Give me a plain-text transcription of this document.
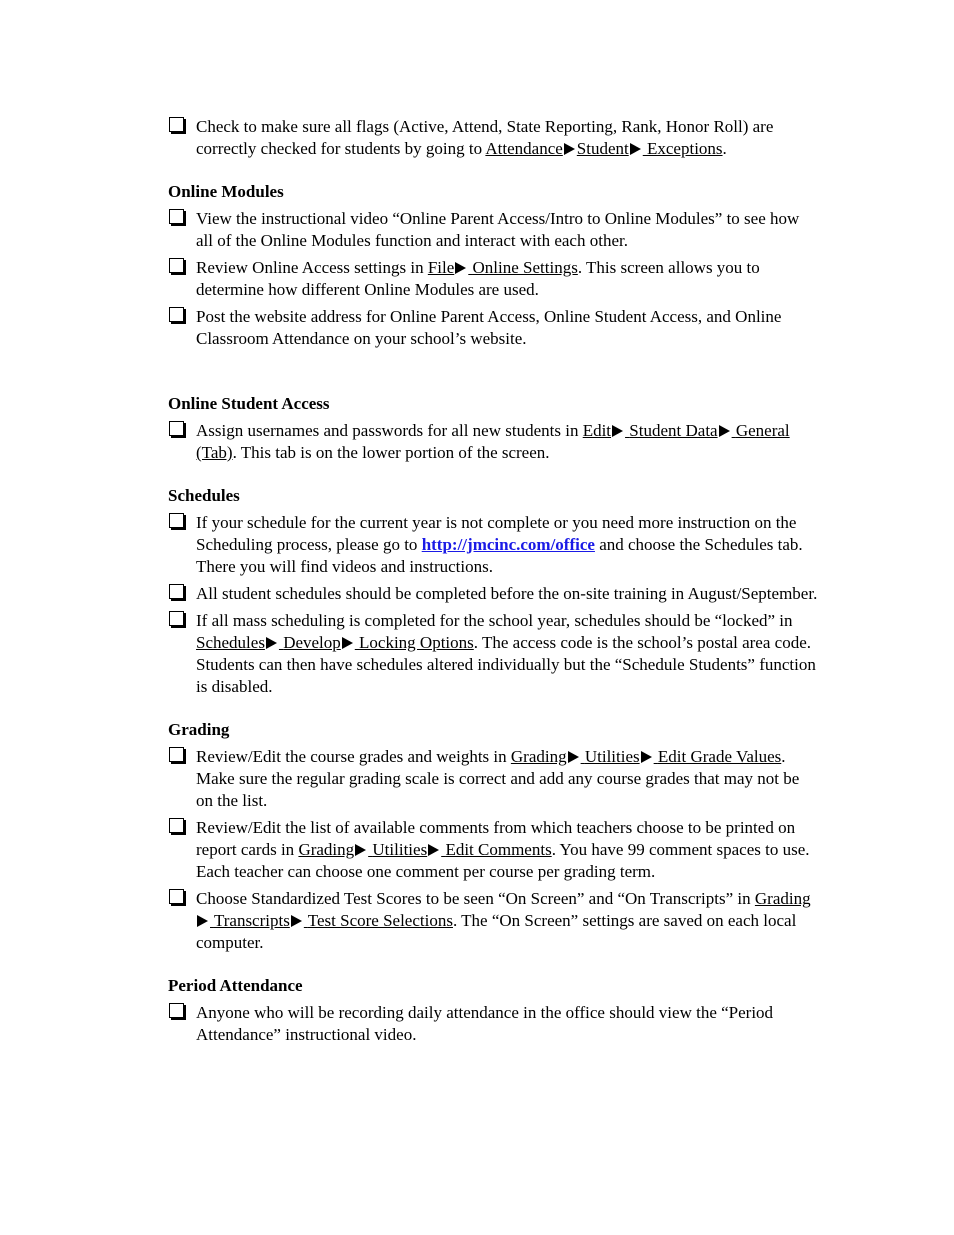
Check to make sure all flags (Active, Attend, State Reporting, Rank, Honor Roll) are correctly checked for students by going to Attendance Student Exceptions.
Online Modules
View the instructional video “Online Parent Access/Intro to Online Modules” to see how all of the Online Modules function and interact with each other.
Review Online Access settings in File Online Settings. This screen allows you to determine how different Online Modules are used.
Post the website address for Online Parent Access, Online Student Access, and Online Classroom Attendance on your school’s website.
Online Student Access
Assign usernames and passwords for all new students in Edit Student Data General (Tab). This tab is on the lower portion of the screen.
Schedules
If your schedule for the current year is not complete or you need more instruction on the Scheduling process, please go to http://jmcinc.com/office and choose the Schedules tab. There you will find videos and instructions.
All student schedules should be completed before the on-site training in August/September.
If all mass scheduling is completed for the school year, schedules should be “locked” in Schedules Develop Locking Options. The access code is the school’s postal area code. Students can then have schedules altered individually but the “Schedule Students” function is disabled.
Grading
Review/Edit the course grades and weights in Grading Utilities Edit Grade Values. Make sure the regular grading scale is correct and add any course grades that may not be on the list.
Review/Edit the list of available comments from which teachers choose to be printed on report cards in Grading Utilities Edit Comments. You have 99 comment spaces to use. Each teacher can choose one comment per course per grading term.
Choose Standardized Test Scores to be seen “On Screen” and “On Transcripts” in Grading Transcripts Test Score Selections. The “On Screen” settings are saved on each local computer.
Period Attendance
Anyone who will be recording daily attendance in the office should view the “Period Attendance” instructional video.
